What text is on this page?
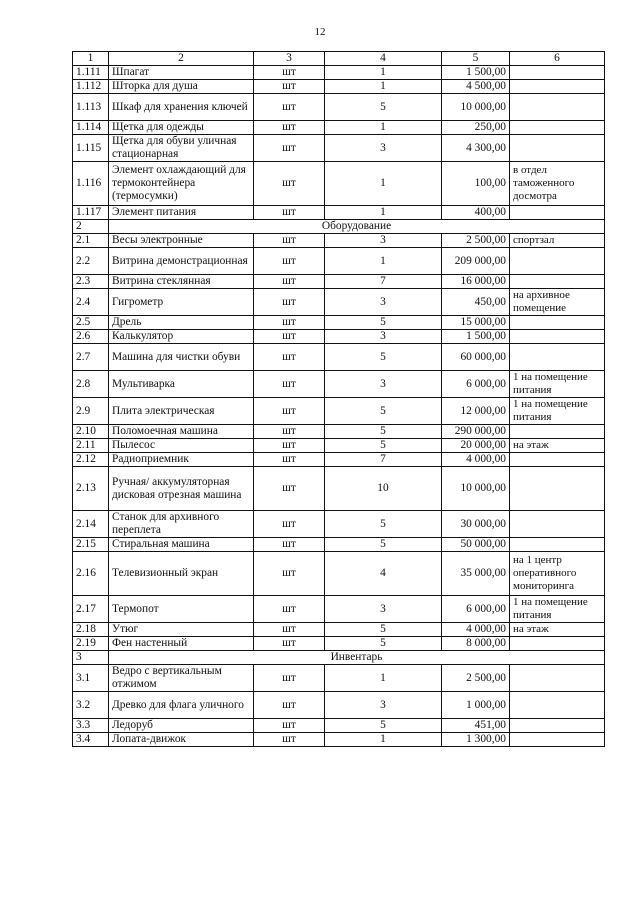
12
1	2	3	4	5	6
1.111	Шпагат	шт	1	1 500,00	
1.112	Шторка для душа	шт	1	4 500,00	
1.113	Шкаф для хранения ключей	шт	5	10 000,00	
1.114	Щетка для одежды	шт	1	250,00	
1.115	Щетка для обуви уличная стационарная	шт	3	4 300,00	
1.116	Элемент охлаждающий для термоконтейнера (термосумки)	шт	1	100,00	в отдел таможенного досмотра
1.117	Элемент питания	шт	1	400,00	
2	Оборудование				
2.1	Весы электронные	шт	3	2 500,00	спортзал
2.2	Витрина демонстрационная	шт	1	209 000,00	
2.3	Витрина стеклянная	шт	7	16 000,00	
2.4	Гигрометр	шт	3	450,00	на архивное помещение
2.5	Дрель	шт	5	15 000,00	
2.6	Калькулятор	шт	3	1 500,00	
2.7	Машина для чистки обуви	шт	5	60 000,00	
2.8	Мультиварка	шт	3	6 000,00	1 на помещение питания
2.9	Плита электрическая	шт	5	12 000,00	1 на помещение питания
2.10	Поломоечная машина	шт	5	290 000,00	
2.11	Пылесос	шт	5	20 000,00	на этаж
2.12	Радиоприемник	шт	7	4 000,00	
2.13	Ручная/ аккумуляторная дисковая отрезная машина	шт	10	10 000,00	
2.14	Станок для архивного переплета	шт	5	30 000,00	
2.15	Стиральная машина	шт	5	50 000,00	
2.16	Телевизионный экран	шт	4	35 000,00	на 1 центр оперативного мониторинга
2.17	Термопот	шт	3	6 000,00	1 на помещение питания
2.18	Утюг	шт	5	4 000,00	на этаж
2.19	Фен настенный	шт	5	8 000,00	
3	Инвентарь				
3.1	Ведро с вертикальным отжимом	шт	1	2 500,00	
3.2	Древко для флага уличного	шт	3	1 000,00	
3.3	Ледоруб	шт	5	451,00	
3.4	Лопата-движок	шт	1	1 300,00	
